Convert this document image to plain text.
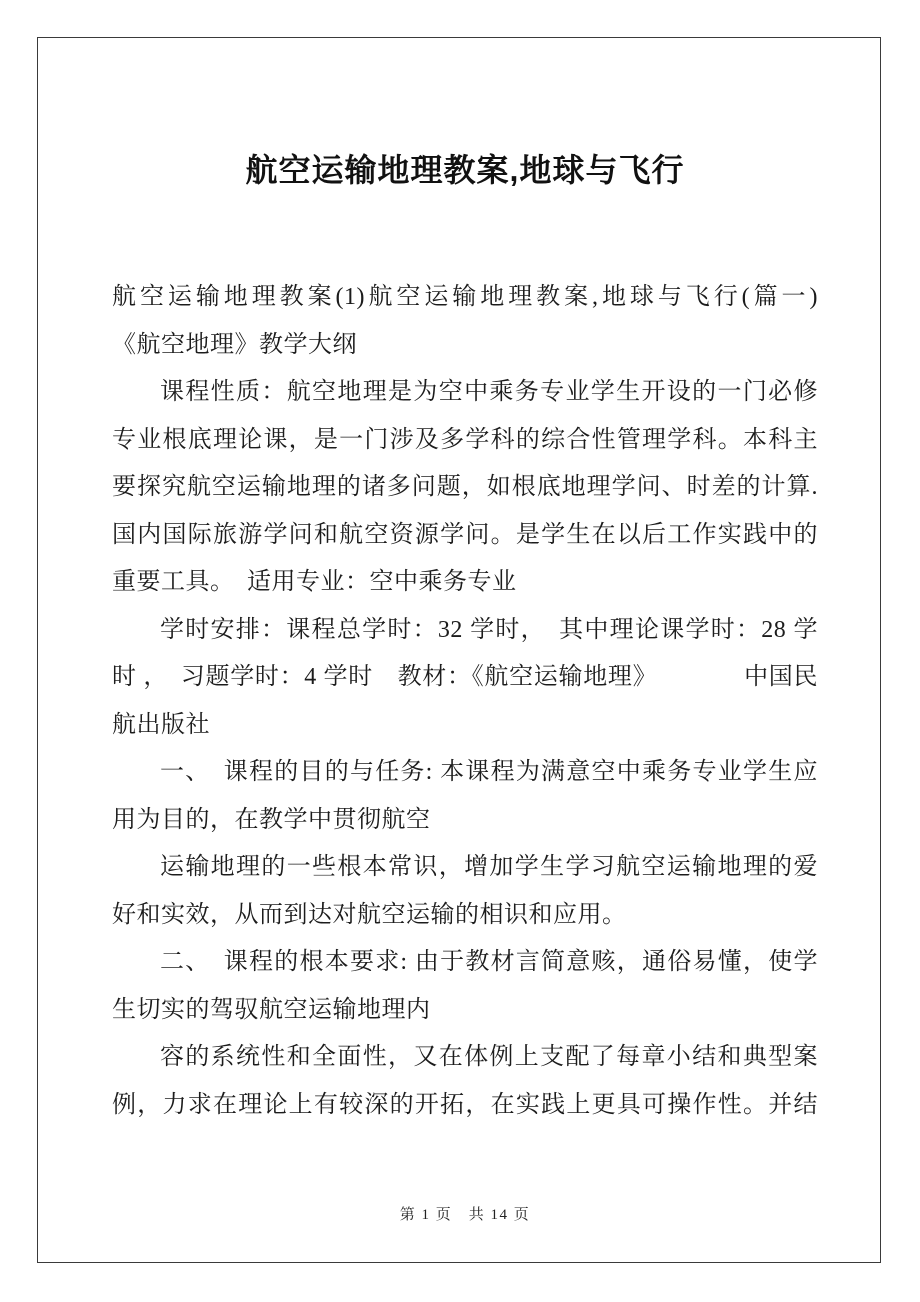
航空运输地理教案,地球与飞行
航空运输地理教案(1)航空运输地理教案,地球与飞行(篇一)
《航空地理》教学大纲
课程性质：航空地理是为空中乘务专业学生开设的一门必修
专业根底理论课，是一门涉及多学科的综合性管理学科。本科主
要探究航空运输地理的诸多问题，如根底地理学问、时差的计算.
国内国际旅游学问和航空资源学问。是学生在以后工作实践中的
重要工具。　适用专业：空中乘务专业
学时安排：课程总学时：32 学时，　其中理论课学时：28 学
时 ，　习题学时：4 学时　教材：《航空运输地理》　　　　中国民
航出版社
一、　课程的目的与任务: 本课程为满意空中乘务专业学生应
用为目的，在教学中贯彻航空
运输地理的一些根本常识，增加学生学习航空运输地理的爱
好和实效，从而到达对航空运输的相识和应用。
二、　课程的根本要求: 由于教材言简意赅，通俗易懂，使学
生切实的驾驭航空运输地理内
容的系统性和全面性，又在体例上支配了每章小结和典型案
例，力求在理论上有较深的开拓，在实践上更具可操作性。并结
第 1 页　共 14 页
